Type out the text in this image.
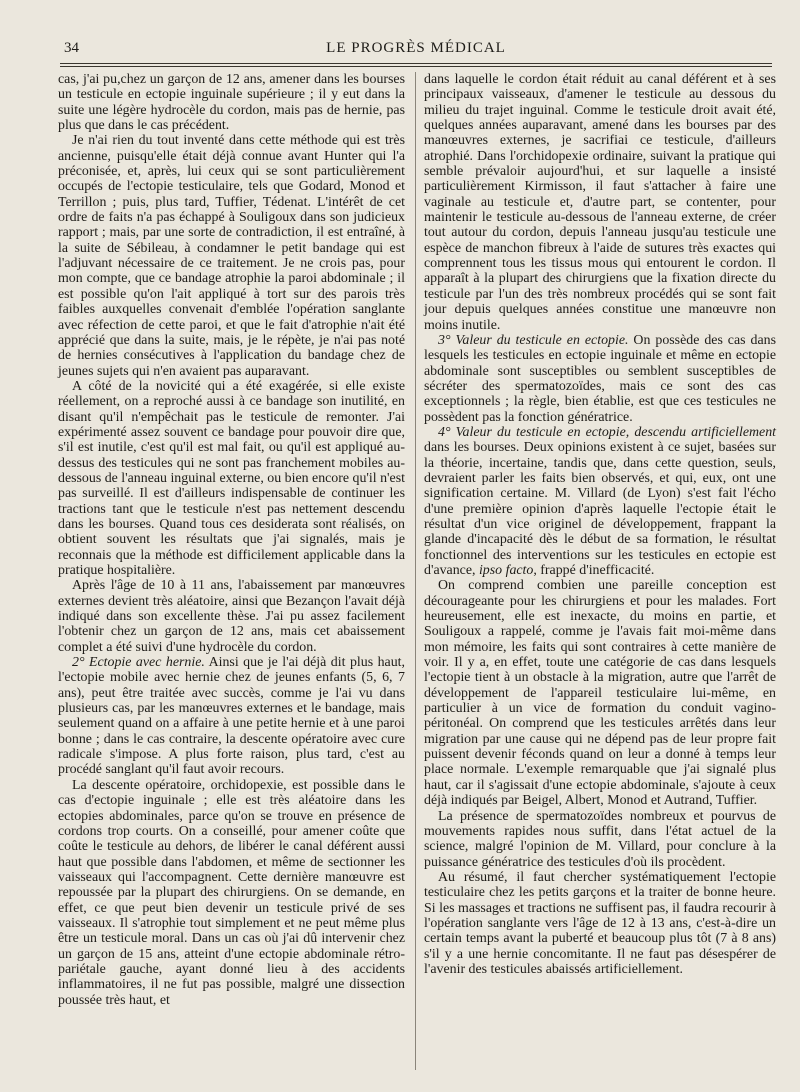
34	LE PROGRÈS MÉDICAL

cas, j'ai pu,chez un garçon de 12 ans, amener dans les bourses un testicule en ectopie inguinale supérieure ; il y eut dans la suite une légère hydrocèle du cordon, mais pas de hernie, pas plus que dans le cas précédent.

Je n'ai rien du tout inventé dans cette méthode qui est très ancienne, puisqu'elle était déjà connue avant Hunter qui l'a préconisée, et, après, lui ceux qui se sont particulièrement occupés de l'ectopie testiculaire, tels que Godard, Monod et Terrillon ; puis, plus tard, Tuffier, Tédenat. L'intérêt de cet ordre de faits n'a pas échappé à Souligoux dans son judicieux rapport ; mais, par une sorte de contradiction, il est entraîné, à la suite de Sébileau, à condamner le petit bandage qui est l'adjuvant nécessaire de ce traitement. Je ne crois pas, pour mon compte, que ce bandage atrophie la paroi abdominale ; il est possible qu'on l'ait appliqué à tort sur des parois très faibles auxquelles convenait d'emblée l'opération sanglante avec réfection de cette paroi, et que le fait d'atrophie n'ait été apprécié que dans la suite, mais, je le répète, je n'ai pas noté de hernies consécutives à l'application du bandage chez de jeunes sujets qui n'en avaient pas auparavant.

A côté de la novicité qui a été exagérée, si elle existe réellement, on a reproché aussi à ce bandage son inutilité, en disant qu'il n'empêchait pas le testicule de remonter. J'ai expérimenté assez souvent ce bandage pour pouvoir dire que, s'il est inutile, c'est qu'il est mal fait, ou qu'il est appliqué au-dessus des testicules qui ne sont pas franchement mobiles au-dessous de l'anneau inguinal externe, ou bien encore qu'il n'est pas surveillé. Il est d'ailleurs indispensable de continuer les tractions tant que le testicule n'est pas nettement descendu dans les bourses. Quand tous ces desiderata sont réalisés, on obtient souvent les résultats que j'ai signalés, mais je reconnais que la méthode est difficilement applicable dans la pratique hospitalière.

Après l'âge de 10 à 11 ans, l'abaissement par manœuvres externes devient très aléatoire, ainsi que Bezançon l'avait déjà indiqué dans son excellente thèse. J'ai pu assez facilement l'obtenir chez un garçon de 12 ans, mais cet abaissement complet a été suivi d'une hydrocèle du cordon.

2° Ectopie avec hernie. Ainsi que je l'ai déjà dit plus haut, l'ectopie mobile avec hernie chez de jeunes enfants (5, 6, 7 ans), peut être traitée avec succès, comme je l'ai vu dans plusieurs cas, par les manœuvres externes et le bandage, mais seulement quand on a affaire à une petite hernie et à une paroi bonne ; dans le cas contraire, la descente opératoire avec cure radicale s'impose. A plus forte raison, plus tard, c'est au procédé sanglant qu'il faut avoir recours.

La descente opératoire, orchidopexie, est possible dans le cas d'ectopie inguinale ; elle est très aléatoire dans les ectopies abdominales, parce qu'on se trouve en présence de cordons trop courts. On a conseillé, pour amener coûte que coûte le testicule au dehors, de libérer le canal déférent aussi haut que possible dans l'abdomen, et même de sectionner les vaisseaux qui l'accompagnent. Cette dernière manœuvre est repoussée par la plupart des chirurgiens. On se demande, en effet, ce que peut bien devenir un testicule privé de ses vaisseaux. Il s'atrophie tout simplement et ne peut même plus être un testicule moral. Dans un cas où j'ai dû intervenir chez un garçon de 15 ans, atteint d'une ectopie abdominale rétro-pariétale gauche, ayant donné lieu à des accidents inflammatoires, il ne fut pas possible, malgré une dissection poussée très haut, et

dans laquelle le cordon était réduit au canal déférent et à ses principaux vaisseaux, d'amener le testicule au dessous du milieu du trajet inguinal. Comme le testicule droit avait été, quelques années auparavant, amené dans les bourses par des manœuvres externes, je sacrifiai ce testicule, d'ailleurs atrophié. Dans l'orchidopexie ordinaire, suivant la pratique qui semble prévaloir aujourd'hui, et sur laquelle a insisté particulièrement Kirmisson, il faut s'attacher à faire une vaginale au testicule et, d'autre part, se contenter, pour maintenir le testicule au-dessous de l'anneau externe, de créer tout autour du cordon, depuis l'anneau jusqu'au testicule une espèce de manchon fibreux à l'aide de sutures très exactes qui comprennent tous les tissus mous qui entourent le cordon. Il apparaît à la plupart des chirurgiens que la fixation directe du testicule par l'un des très nombreux procédés qui se sont fait jour depuis quelques années constitue une manœuvre non moins inutile.

3° Valeur du testicule en ectopie. On possède des cas dans lesquels les testicules en ectopie inguinale et même en ectopie abdominale sont susceptibles ou semblent susceptibles de sécréter des spermatozoïdes, mais ce sont des cas exceptionnels ; la règle, bien établie, est que ces testicules ne possèdent pas la fonction génératrice.

4° Valeur du testicule en ectopie, descendu artificiellement dans les bourses. Deux opinions existent à ce sujet, basées sur la théorie, incertaine, tandis que, dans cette question, seuls, devraient parler les faits bien observés, et qui, eux, ont une signification certaine. M. Villard (de Lyon) s'est fait l'écho d'une première opinion d'après laquelle l'ectopie était le résultat d'un vice originel de développement, frappant la glande d'incapacité dès le début de sa formation, le résultat fonctionnel des interventions sur les testicules en ectopie est d'avance, ipso facto, frappé d'inefficacité.

On comprend combien une pareille conception est décourageante pour les chirurgiens et pour les malades. Fort heureusement, elle est inexacte, du moins en partie, et Souligoux a rappelé, comme je l'avais fait moi-même dans mon mémoire, les faits qui sont contraires à cette manière de voir. Il y a, en effet, toute une catégorie de cas dans lesquels l'ectopie tient à un obstacle à la migration, autre que l'arrêt de développement de l'appareil testiculaire lui-même, en particulier à un vice de formation du conduit vagino-péritonéal. On comprend que les testicules arrêtés dans leur migration par une cause qui ne dépend pas de leur propre fait puissent devenir féconds quand on leur a donné à temps leur place normale. L'exemple remarquable que j'ai signalé plus haut, car il s'agissait d'une ectopie abdominale, s'ajoute à ceux déjà indiqués par Beigel, Albert, Monod et Autrand, Tuffier.

La présence de spermatozoïdes nombreux et pourvus de mouvements rapides nous suffit, dans l'état actuel de la science, malgré l'opinion de M. Villard, pour conclure à la puissance génératrice des testicules d'où ils procèdent.

Au résumé, il faut chercher systématiquement l'ectopie testiculaire chez les petits garçons et la traiter de bonne heure. Si les massages et tractions ne suffisent pas, il faudra recourir à l'opération sanglante vers l'âge de 12 à 13 ans, c'est-à-dire un certain temps avant la puberté et beaucoup plus tôt (7 à 8 ans) s'il y a une hernie concomitante. Il ne faut pas désespérer de l'avenir des testicules abaissés artificiellement.
